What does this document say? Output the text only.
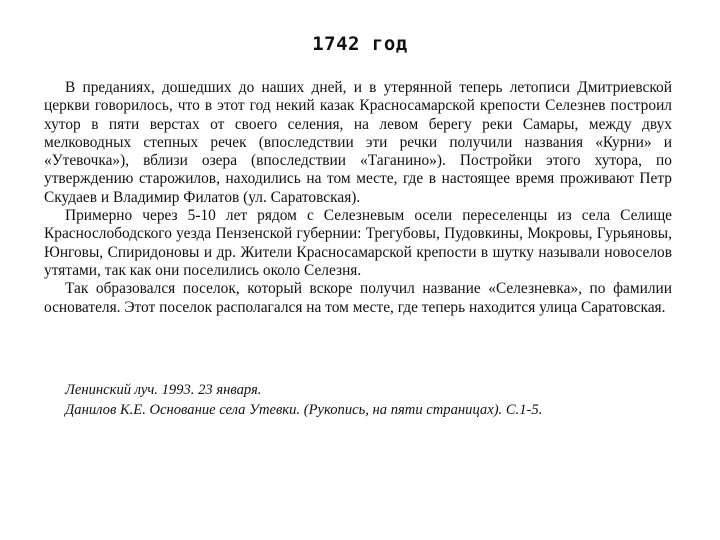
1742 год

В преданиях, дошедших до наших дней, и в утерянной теперь летописи Дмитриевской церкви говорилось, что в этот год некий казак Красносамарской крепости Селезнев построил хутор в пяти верстах от своего селения, на левом берегу реки Самары, между двух мелководных степных речек (впоследствии эти речки получили названия «Курни» и «Утевочка»), вблизи озера (впоследствии «Таганино»). Постройки этого хутора, по утверждению старожилов, находились на том месте, где в настоящее время проживают Петр Скудаев и Владимир Филатов (ул. Саратовская).

Примерно через 5-10 лет рядом с Селезневым осели переселенцы из села Селище Краснослободского уезда Пензенской губернии: Трегубовы, Пудовкины, Мокровы, Гурьяновы, Юнговы, Спиридоновы и др. Жители Красносамарской крепости в шутку называли новоселов утятами, так как они поселились около Селезня.

Так образовался поселок, который вскоре получил название «Селезневка», по фамилии основателя. Этот поселок располагался на том месте, где теперь находится улица Саратовская.

Ленинский луч. 1993. 23 января.

Данилов К.Е. Основание села Утевки. (Рукопись, на пяти страницах). С.1-5.
